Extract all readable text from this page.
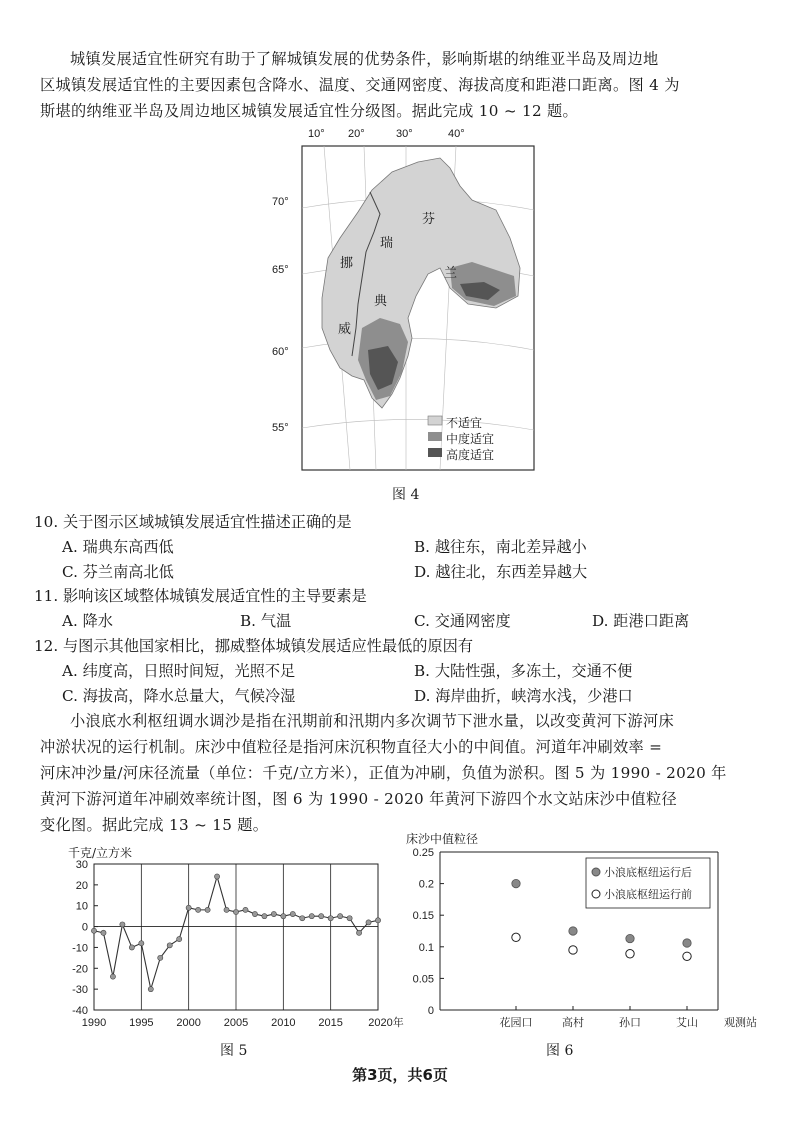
城镇发展适宜性研究有助于了解城镇发展的优势条件，影响斯堪的纳维亚半岛及周边地
区城镇发展适宜性的主要因素包含降水、温度、交通网密度、海拔高度和距港口距离。图 4 为
斯堪的纳维亚半岛及周边地区城镇发展适宜性分级图。据此完成 10 ~ 12 题。
10° 20°	30°	40°
挪
威
瑞
典
芬
兰
不适宜
中度适宜
高度适宜
70°
65°
60°
55°
图 4
10. 关于图示区域城镇发展适宜性描述正确的是
A. 瑞典东高西低	B. 越往东，南北差异越小
C. 芬兰南高北低	D. 越往北，东西差异越大
11. 影响该区域整体城镇发展适宜性的主导要素是
A. 降水	B. 气温	C. 交通网密度	D. 距港口距离
12. 与图示其他国家相比，挪威整体城镇发展适应性最低的原因有
A. 纬度高，日照时间短，光照不足	B. 大陆性强，多冻土，交通不便
C. 海拔高，降水总量大，气候冷湿	D. 海岸曲折，峡湾水浅，少港口
小浪底水利枢纽调水调沙是指在汛期前和汛期内多次调节下泄水量，以改变黄河下游河床
冲淤状况的运行机制。床沙中值粒径是指河床沉积物直径大小的中间值。河道年冲刷效率 =
河床冲沙量/河床径流量（单位：千克/立方米），正值为冲刷，负值为淤积。图 5 为 1990 - 2020 年
黄河下游河道年冲刷效率统计图，图 6 为 1990 - 2020 年黄河下游四个水文站床沙中值粒径
变化图。据此完成 13 ~ 15 题。
千克/立方米
30
20
10
0
-10
-20
-30
-40
1990 1995 2000 2005 2010 2015 2020年
图 5
床沙中值粒径
0.25
0.2
0.15
0.1
0.05
0
花园口	高村	孙口	艾山 观测站
小浪底枢纽运行后
小浪底枢纽运行前
图 6
第3页，共6页
